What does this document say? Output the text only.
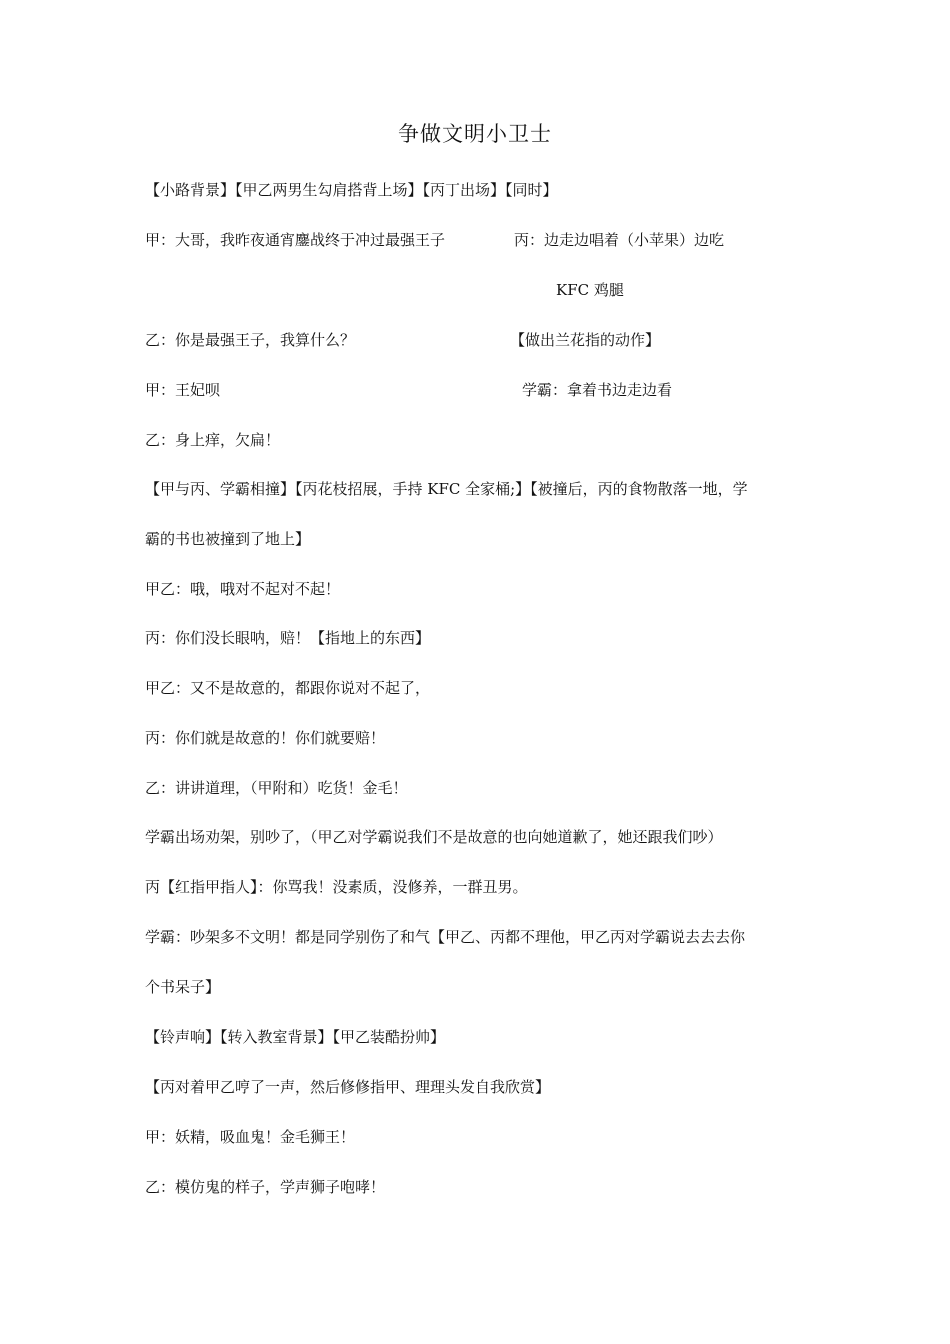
争做文明小卫士
【小路背景】【甲乙两男生勾肩搭背上场】【丙丁出场】【同时】
甲：大哥，我昨夜通宵鏖战终于冲过最强王子	丙：边走边唱着（小苹果）边吃
KFC 鸡腿
乙：你是最强王子，我算什么？	【做出兰花指的动作】
甲：王妃呗	学霸：拿着书边走边看
乙：身上痒，欠扁！
【甲与丙、学霸相撞】【丙花枝招展，手持 KFC 全家桶;】【被撞后，丙的食物散落一地，学
霸的书也被撞到了地上】
甲乙：哦，哦对不起对不起！
丙：你们没长眼呐，赔！【指地上的东西】
甲乙：又不是故意的，都跟你说对不起了，
丙：你们就是故意的！你们就要赔！
乙：讲讲道理，（甲附和）吃货！金毛！
学霸出场劝架，别吵了，（甲乙对学霸说我们不是故意的也向她道歉了，她还跟我们吵）
丙【红指甲指人】：你骂我！没素质，没修养，一群丑男。
学霸：吵架多不文明！都是同学别伤了和气【甲乙、丙都不理他，甲乙丙对学霸说去去去你
个书呆子】
【铃声响】【转入教室背景】【甲乙装酷扮帅】
【丙对着甲乙哼了一声，然后修修指甲、理理头发自我欣赏】
甲：妖精，吸血鬼！金毛狮王！
乙：模仿鬼的样子，学声狮子咆哮！
